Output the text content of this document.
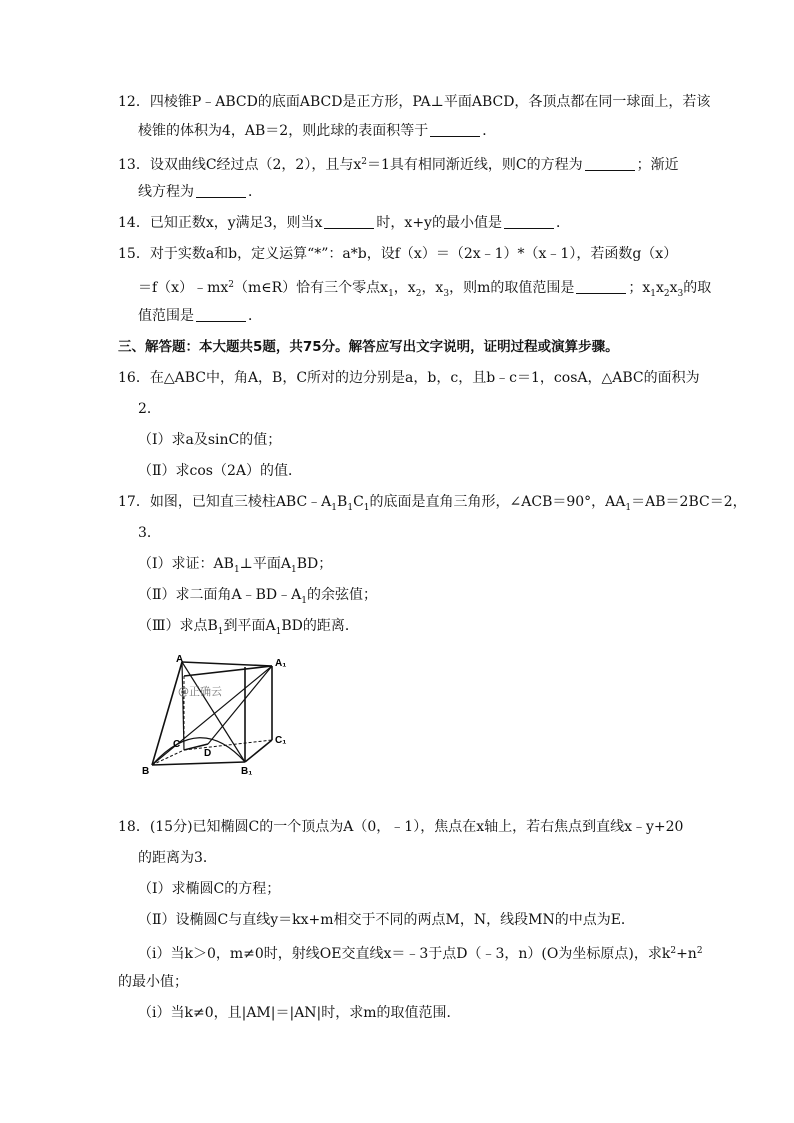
12．四棱锥P﹣ABCD的底面ABCD是正方形，PA⊥平面ABCD，各顶点都在同一球面上，若该
棱锥的体积为4，AB＝2，则此球的表面积等于	．
13．设双曲线C经过点（2，2），且与$x^2=1$具有相同渐近线，则C的方程为	；渐近
线方程为	．
14．已知正数x，y满足3，则当x	时，x+y的最小值是	．
15．对于实数a和b，定义运算“*”：a*b，设f（x）＝（2x﹣1）*（x﹣1），若函数g（x）
$=f(x)﹣mx^2(m\in R)$恰有三个零点$x_1$，$x_2$，$x_3$，则m的取值范围是	；$x_1x_2x_3$的取
值范围是	．
三、解答题：本大题共5题，共75分。解答应写出文字说明，证明过程或演算步骤。
16．在△ABC中，角A，B，C所对的边分别是a，b，c，且b﹣c＝1，cosA，△ABC的面积为
2．
（Ⅰ）求a及sinC的值；
（Ⅱ）求cos（2A）的值．
17．如图，已知直三棱柱$ABC﹣A_1B_1C_1$的底面是直角三角形，∠ACB＝90°，$AA_1=AB=2BC=2$，
3．
（Ⅰ）求证：$AB_1\perp$平面$A_1BD$；
（Ⅱ）求二面角$A﹣BD﹣A_1$的余弦值；
（Ⅲ）求点$B_1$到平面$A_1BD$的距离．
A	A₁
C	C₁
D
B	B₁
@正确云
18．(15分)已知椭圆C的一个顶点为A（0，﹣1），焦点在x轴上，若右焦点到直线x﹣y+20
的距离为3．
（Ⅰ）求椭圆C的方程；
（Ⅱ）设椭圆C与直线y＝kx+m相交于不同的两点M，N，线段MN的中点为E．
（i）当k＞0，m≠0时，射线OE交直线x＝﹣3于点D（﹣3，n）(O为坐标原点)，求$k^2+n^2$
的最小值；
（i）当k≠0，且|AM|＝|AN|时，求m的取值范围．
